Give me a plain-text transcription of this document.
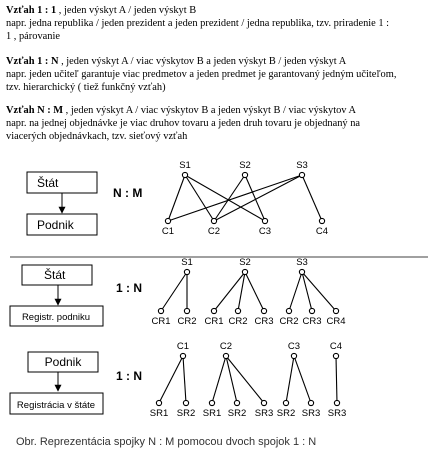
Vzťah 1 : 1 , jeden výskyt A / jeden výskyt B

napr. jedna republika / jeden prezident a jeden prezident / jedna republika, tzv. priradenie 1 :

1 , párovanie

Vzťah 1 : N , jeden výskyt A / viac výskytov B a jeden výskyt B / jeden výskyt A

napr. jeden učiteľ garantuje viac predmetov a jeden predmet je garantovaný jedným učiteľom,

tzv. hierarchický ( tiež funkčný vzťah)

Vzťah N : M , jeden výskyt A / viac výskytov B a jeden výskyt B / viac výskytov A

napr. na jednej objednávke je viac druhov tovaru a jeden druh tovaru je objednaný na

viacerých objednávkach, tzv. sieťový vzťah

Štát
Podnik
N : M
S1	S2	S3
C1	C2	C3	C4
Štát
Registr. podniku
1 : N
S1
CR1 CR2
S2
CR1 CR2 CR3
S3
CR2 CR3 CR4
Podnik
Registrácia v štáte
1 : N
C1
SR1 SR2
C2
SR1 SR2 SR3
C3
SR2 SR3
C4
SR3
Obr. Reprezentácia spojky N : M pomocou dvoch spojok 1 : N
